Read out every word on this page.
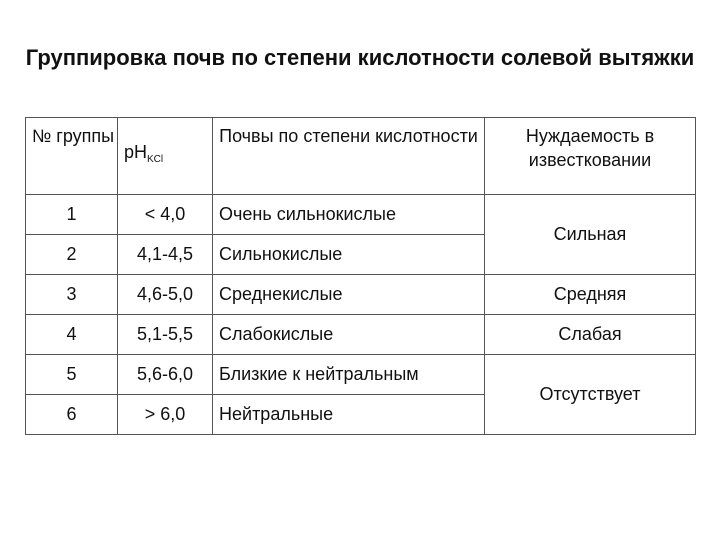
Группировка почв по степени кислотности солевой вытяжки
№ группы	$pH_{KCl}$	Почвы по степени кислотности	Нуждаемость в известковании
1	< 4,0	Очень сильнокислые	Сильная
2	4,1-4,5	Сильнокислые	
3	4,6-5,0	Среднекислые	Средняя
4	5,1-5,5	Слабокислые	Слабая
5	5,6-6,0	Близкие к нейтральным	Отсутствует
6	> 6,0	Нейтральные	
